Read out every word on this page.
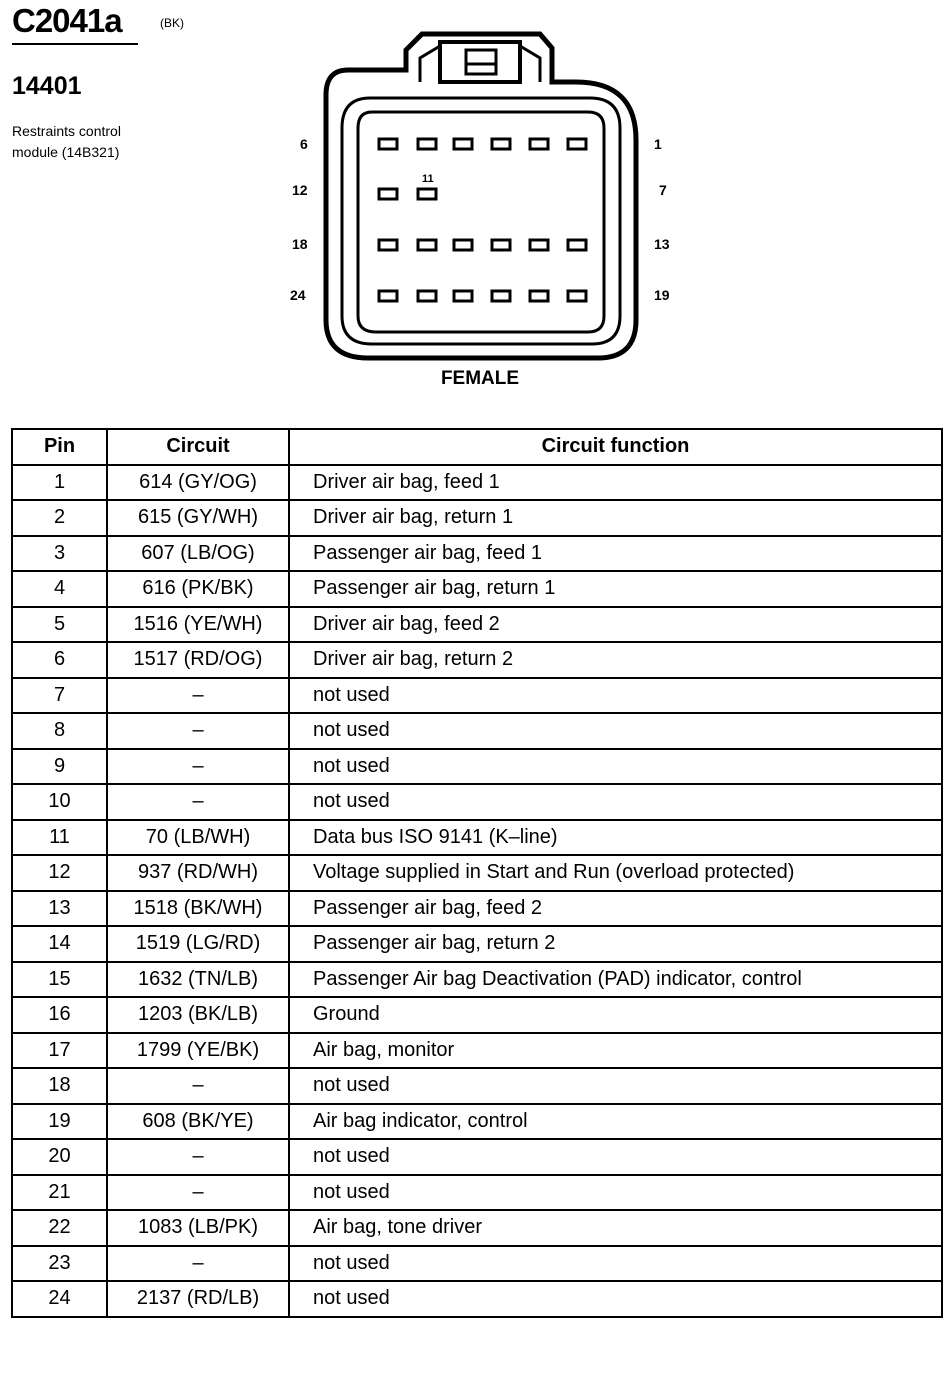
C2041a	(BK)
14401
Restraints control
module (14B321)	6	1
12
11
7
18	13
24	19
FEMALE
Pin	Circuit	Circuit function
1	614 (GY/OG)	Driver air bag, feed 1
2	615 (GY/WH)	Driver air bag, return 1
3	607 (LB/OG)	Passenger air bag, feed 1
4	616 (PK/BK)	Passenger air bag, return 1
5	1516 (YE/WH)	Driver air bag, feed 2
6	1517 (RD/OG)	Driver air bag, return 2
7	–	not used
8	–	not used
9	–	not used
10	–	not used
11	70 (LB/WH)	Data bus ISO 9141 (K–line)
12	937 (RD/WH)	Voltage supplied in Start and Run (overload protected)
13	1518 (BK/WH)	Passenger air bag, feed 2
14	1519 (LG/RD)	Passenger air bag, return 2
15	1632 (TN/LB)	Passenger Air bag Deactivation (PAD) indicator, control
16	1203 (BK/LB)	Ground
17	1799 (YE/BK)	Air bag, monitor
18	–	not used
19	608 (BK/YE)	Air bag indicator, control
20	–	not used
21	–	not used
22	1083 (LB/PK)	Air bag, tone driver
23	–	not used
24	2137 (RD/LB)	not used
